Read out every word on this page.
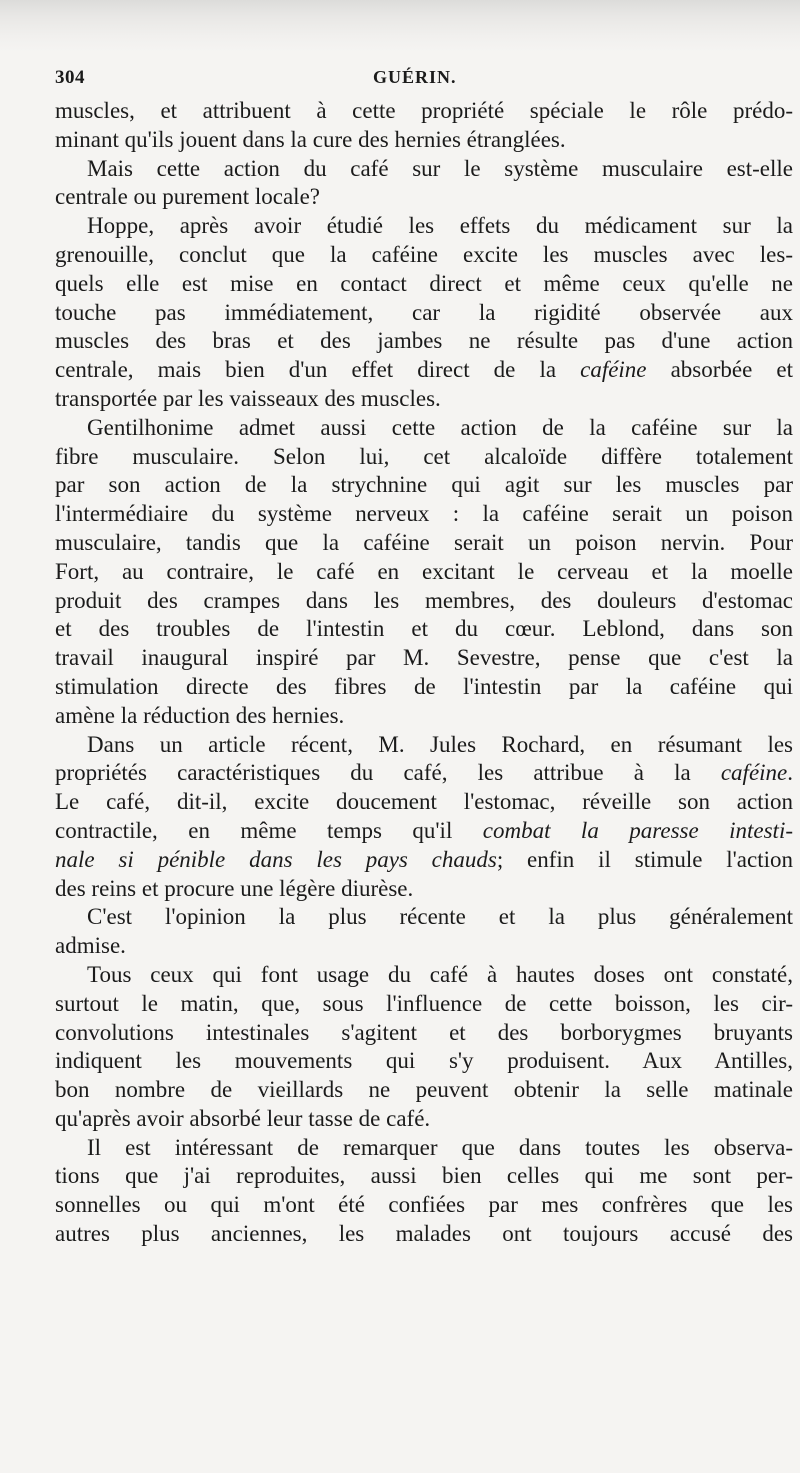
304	GUÉRIN.
muscles, et attribuent à cette propriété spéciale le rôle prédo-
minant qu'ils jouent dans la cure des hernies étranglées.
Mais cette action du café sur le système musculaire est-elle
centrale ou purement locale?
Hoppe, après avoir étudié les effets du médicament sur la
grenouille, conclut que la caféine excite les muscles avec les-
quels elle est mise en contact direct et même ceux qu'elle ne
touche pas immédiatement, car la rigidité observée aux
muscles des bras et des jambes ne résulte pas d'une action
centrale, mais bien d'un effet direct de la caféine absorbée et
transportée par les vaisseaux des muscles.
Gentilhonime admet aussi cette action de la caféine sur la
fibre musculaire. Selon lui, cet alcaloïde diffère totalement
par son action de la strychnine qui agit sur les muscles par
l'intermédiaire du système nerveux : la caféine serait un poison
musculaire, tandis que la caféine serait un poison nervin. Pour
Fort, au contraire, le café en excitant le cerveau et la moelle
produit des crampes dans les membres, des douleurs d'estomac
et des troubles de l'intestin et du cœur. Leblond, dans son
travail inaugural inspiré par M. Sevestre, pense que c'est la
stimulation directe des fibres de l'intestin par la caféine qui
amène la réduction des hernies.
Dans un article récent, M. Jules Rochard, en résumant les
propriétés caractéristiques du café, les attribue à la caféine.
Le café, dit-il, excite doucement l'estomac, réveille son action
contractile, en même temps qu'il combat la paresse intesti-
nale si pénible dans les pays chauds; enfin il stimule l'action
des reins et procure une légère diurèse.
C'est l'opinion la plus récente et la plus généralement
admise.
Tous ceux qui font usage du café à hautes doses ont constaté,
surtout le matin, que, sous l'influence de cette boisson, les cir-
convolutions intestinales s'agitent et des borborygmes bruyants
indiquent les mouvements qui s'y produisent. Aux Antilles,
bon nombre de vieillards ne peuvent obtenir la selle matinale
qu'après avoir absorbé leur tasse de café.
Il est intéressant de remarquer que dans toutes les observa-
tions que j'ai reproduites, aussi bien celles qui me sont per-
sonnelles ou qui m'ont été confiées par mes confrères que les
autres plus anciennes, les malades ont toujours accusé des
